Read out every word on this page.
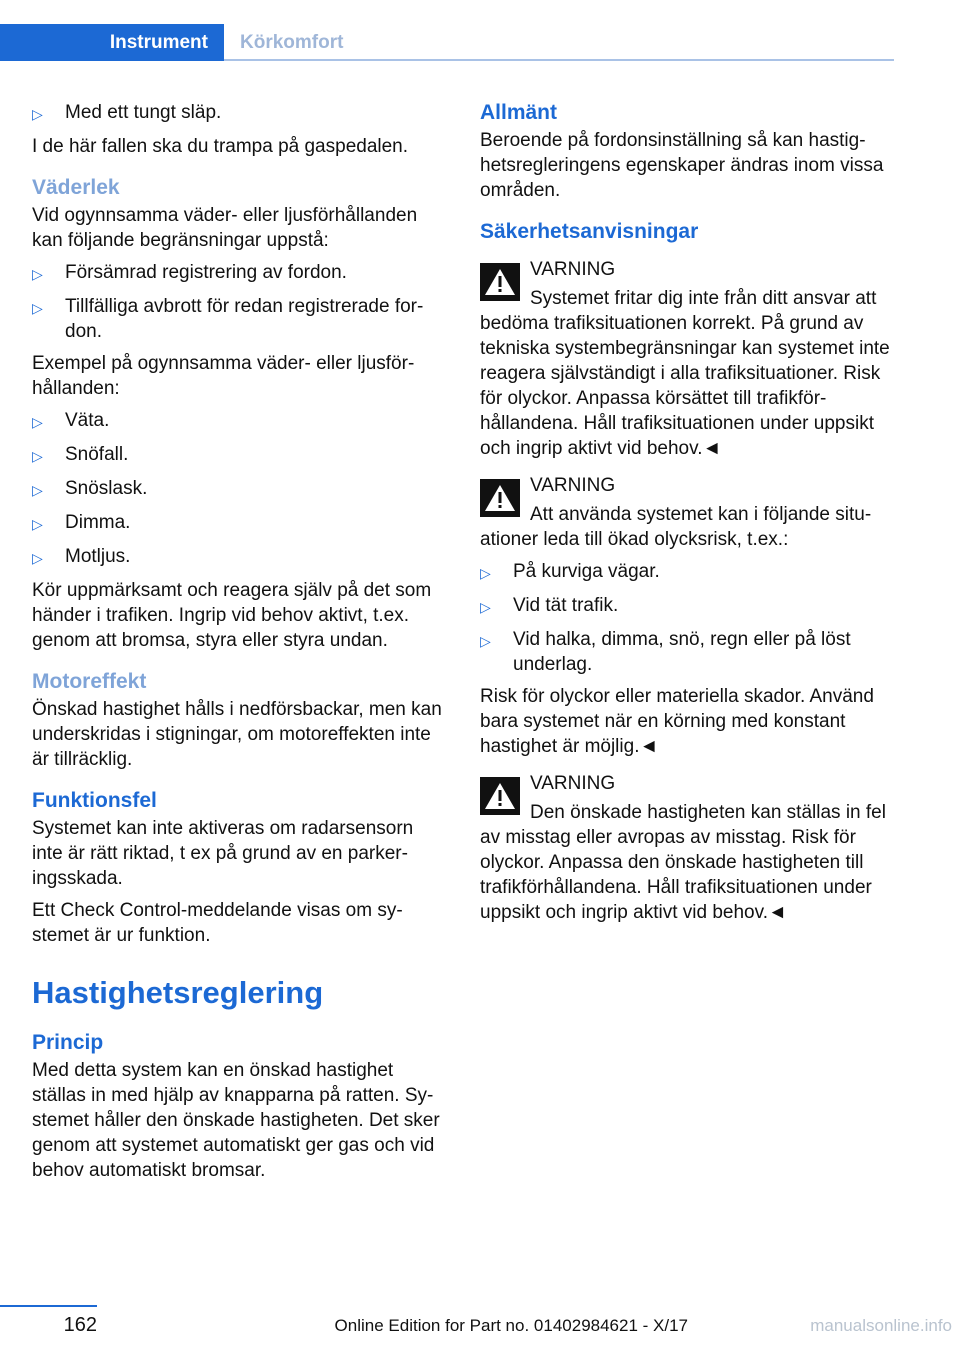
Instrument Körkomfort
▷	Med ett tungt släp.

I de här fallen ska du trampa på gaspedalen.

Väderlek

Vid ogynnsamma väder- eller ljusförhållanden kan följande begränsningar uppstå:

▷	Försämrad registrering av fordon.
▷	Tillfälliga avbrott för redan registrerade fordon.

Exempel på ogynnsamma väder- eller ljusförhållanden:

▷	Väta.
▷	Snöfall.
▷	Snöslask.
▷	Dimma.
▷	Motljus.

Kör uppmärksamt och reagera själv på det som händer i trafiken. Ingrip vid behov aktivt, t.ex. genom att bromsa, styra eller styra undan.

Motoreffekt

Önskad hastighet hålls i nedförsbackar, men kan underskridas i stigningar, om motoreffekten inte är tillräcklig.

Funktionsfel

Systemet kan inte aktiveras om radarsensorn inte är rätt riktad, t ex på grund av en parkeringsskada.

Ett Check Control-meddelande visas om systemet är ur funktion.

Hastighetsreglering
Princip

Med detta system kan en önskad hastighet ställas in med hjälp av knapparna på ratten. Systemet håller den önskade hastigheten. Det sker genom att systemet automatiskt ger gas och vid behov automatiskt bromsar.

Allmänt

Beroende på fordonsinställning så kan hastighetsregleringens egenskaper ändras inom vissa områden.

Säkerhetsanvisningar

VARNING

Systemet fritar dig inte från ditt ansvar att bedöma trafiksituationen korrekt. På grund av tekniska systembegränsningar kan systemet inte reagera självständigt i alla trafiksituationer. Risk för olyckor. Anpassa körsättet till trafikförhållandena. Håll trafiksituationen under uppsikt och ingrip aktivt vid behov.◄

VARNING

Att använda systemet kan i följande situationer leda till ökad olycksrisk, t.ex.:

▷	På kurviga vägar.
▷	Vid tät trafik.
▷	Vid halka, dimma, snö, regn eller på löst underlag.

Risk för olyckor eller materiella skador. Använd bara systemet när en körning med konstant hastighet är möjlig.◄

VARNING

Den önskade hastigheten kan ställas in fel av misstag eller avropas av misstag. Risk för olyckor. Anpassa den önskade hastigheten till trafikförhållandena. Håll trafiksituationen under uppsikt och ingrip aktivt vid behov.◄

162	Online Edition for Part no. 01402984621 - X/17	manualsonline.info
